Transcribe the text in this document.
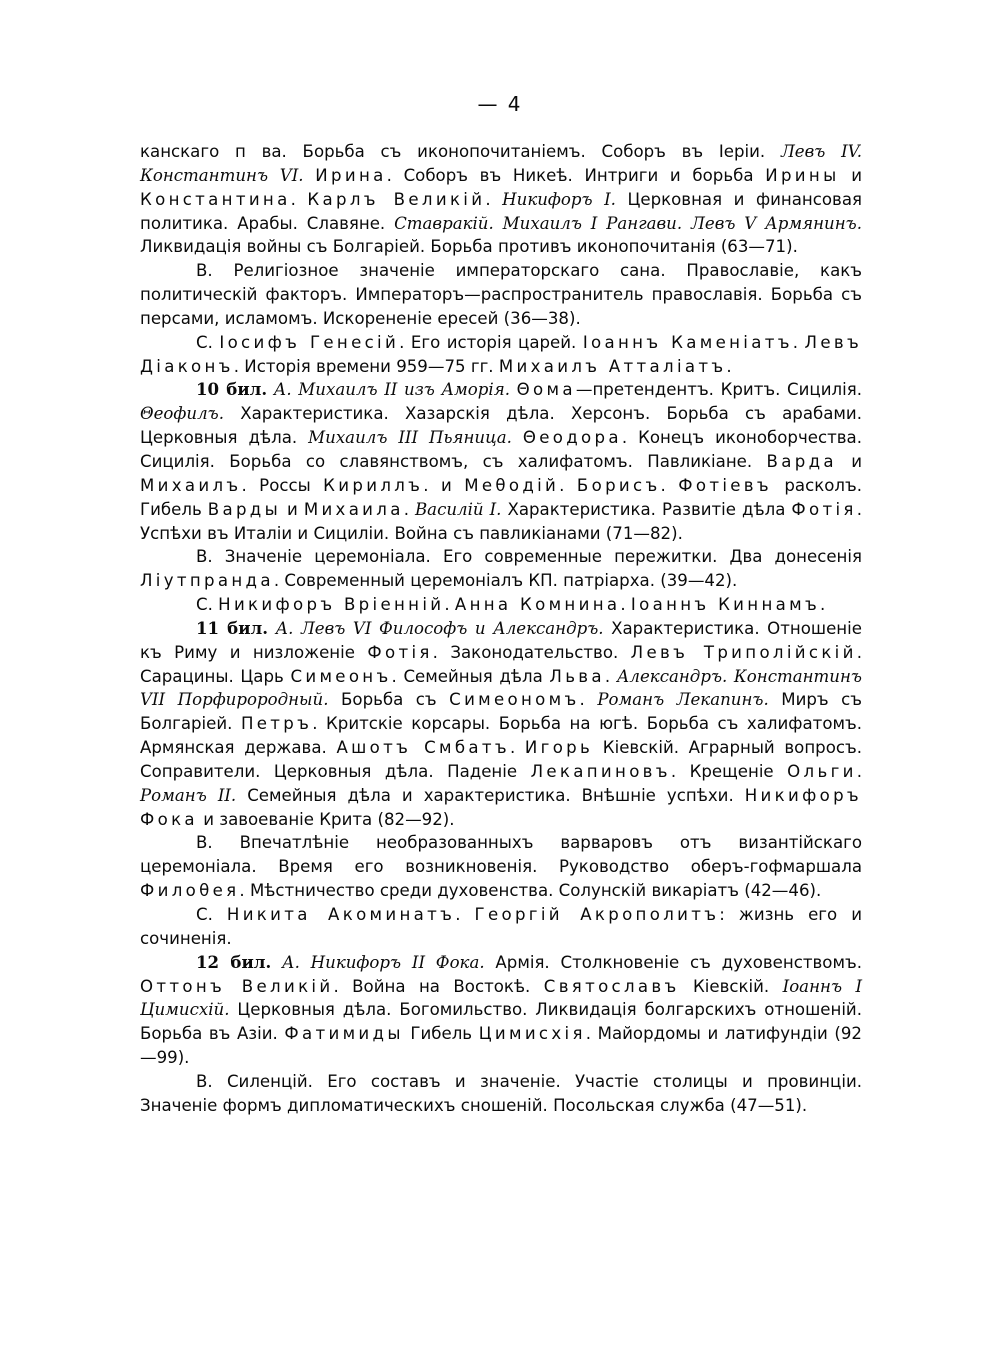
— 4

канскаго п ва. Борьба съ иконопочитанiемъ. Соборъ въ Iерiи. Левъ IV. Константинъ VI. Ирина. Соборъ въ Никеѣ. Интриги и борьба Ирины и Константина. Карлъ Великiй. Никифоръ I. Церковная и финансовая политика. Арабы. Славяне. Ставракiй. Михаилъ I Рангави. Левъ V Армянинъ. Ликвидацiя войны съ Болгарiей. Борьба противъ иконопочитанiя (63—71).

В. Религiозное значенiе императорскаго сана. Православiе, какъ политическiй факторъ. Императоръ—распространитель православiя. Борьба съ персами, исламомъ. Искорененiе ересей (36—38).

С. Iосифъ Генесiй. Его исторiя царей. Iоаннъ Каменiатъ. Левъ Дiаконъ. Исторiя времени 959—75 гг. Михаилъ Атталiатъ.

10 бил. А. Михаилъ II изъ Аморiя. Θома—претендентъ. Критъ. Сицилiя. Θеофилъ. Характеристика. Хазарскiя дѣла. Херсонъ. Борьба съ арабами. Церковныя дѣла. Михаилъ III Пьяница. Θеодора. Конецъ иконоборчества. Сицилiя. Борьба со славянствомъ, съ халифатомъ. Павликiане. Варда и Михаилъ. Россы Кириллъ. и Меθодiй. Борисъ. Фотiевъ расколъ. Гибель Варды и Михаила. Василiй I. Характеристика. Развитiе дѣла Фотiя. Успѣхи въ Италiи и Сицилiи. Война съ павликiанами (71—82).

В. Значенiе церемонiала. Его современные пережитки. Два донесенiя Лiутпранда. Современный церемонiалъ КП. патрiарха. (39—42).

С. Никифоръ Врiеннiй. Анна Комнина. Iоаннъ Киннамъ.

11 бил. А. Левъ VI Философъ и Александръ. Характеристика. Отношенiе къ Риму и низложенiе Фотiя. Законодательство. Левъ Триполiйскiй. Сарацины. Царь Симеонъ. Семейныя дѣла Льва. Александръ. Константинъ VII Порфирородный. Борьба съ Симеономъ. Романъ Лекапинъ. Миръ съ Болгарiей. Петръ. Критскiе корсары. Борьба на югѣ. Борьба съ халифатомъ. Армянская держава. Ашотъ Смбатъ. Игорь Кiевскiй. Аграрный вопросъ. Соправители. Церковныя дѣла. Паденiе Лекапиновъ. Крещенiе Ольги. Романъ II. Семейныя дѣла и характеристика. Внѣшнiе успѣхи. Никифоръ Фока и завоеванiе Крита (82—92).

В. Впечатлѣнiе необразованныхъ варваровъ отъ византiйскаго церемонiала. Время его возникновенiя. Руководство оберъ-гофмаршала Филоθея. Мѣстничество среди духовенства. Солунскiй викарiатъ (42—46).

С. Никита Акоминатъ. Георгiй Акрополитъ: жизнь его и сочиненiя.

12 бил. А. Никифоръ II Фока. Армiя. Столкновенiе съ духовенствомъ. Оттонъ Великiй. Война на Востокѣ. Святославъ Кiевскiй. Iоаннъ I Цимисхiй. Церковныя дѣла. Богомильство. Ликвидацiя болгарскихъ отношенiй. Борьба въ Азiи. Фатимиды Гибель Цимисхiя. Майордомы и латифундiи (92—99).

В. Силенцiй. Его составъ и значенiе. Участiе столицы и провинцiи. Значенiе формъ дипломатическихъ сношенiй. Посольская служба (47—51).
